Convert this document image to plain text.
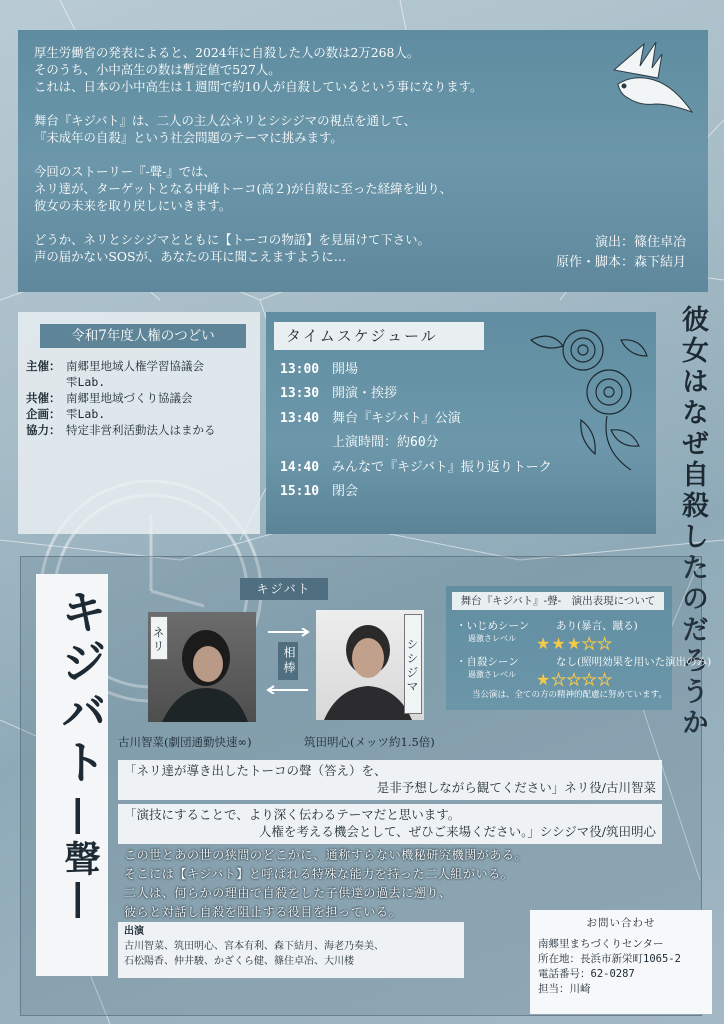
厚生労働省の発表によると、2024年に自殺した人の数は2万268人。

そのうち、小中高生の数は暫定値で527人。

これは、日本の小中高生は１週間で約10人が自殺しているという事になります。

舞台『キジバト』は、二人の主人公ネリとシシジマの視点を通して、

『未成年の自殺』という社会問題のテーマに挑みます。

今回のストーリー『-聲-』では、

ネリ達が、ターゲットとなる中峰トーコ(高２)が自殺に至った経緯を辿り、

彼女の未来を取り戻しにいきます。

どうか、ネリとシシジマとともに【トーコの物語】を見届けて下さい。

声の届かないSOSが、あなたの耳に聞こえますように…

演出：篠住卓冶
原作・脚本：森下結月
令和7年度人権のつどい
主催： 南郷里地域人権学習協議会
雫Lab.
共催： 南郷里地域づくり協議会
企画： 雫Lab.
協力： 特定非営利活動法人はまかる
タイムスケジュール
13:00 開場
13:30 開演・挨拶
13:40 舞台『キジバト』公演
上演時間：約60分
14:40 みんなで『キジバト』振り返りトーク
15:10 閉会	彼女はなぜ自殺したのだろうか
キジバト
―聲―
キジバト
ネリ	シシジマ
相棒
古川智菜(劇団通勤快速∞)	筑田明心(メッツ約1.5倍)
舞台『キジバト』-聲-　演出表現について
・いじめシーン	あり(暴言、蹴る)
過激さレベル	★★★★★
・自殺シーン	なし(照明効果を用いた演出のみ)
過激さレベル ★★★★★
当公演は、全ての方の精神的配慮に努めています。

「ネリ達が導き出したトーコの聲（答え）を、

是非予想しながら観てください」ネリ役/古川智菜

「演技にすることで、より深く伝わるテーマだと思います。

人権を考える機会として、ぜひご来場ください。」シシジマ役/筑田明心

この世とあの世の狭間のどこかに、通称すらない機秘研究機関がある。

そこには【キジバト】と呼ばれる特殊な能力を持った二人組がいる。

二人は、何らかの理由で自殺をした子供達の過去に遡り、

彼らと対話し自殺を阻止する役目を担っている。

出演
古川智菜、筑田明心、宮本有利、森下結月、海老乃奏美、
石松陽香、仲井駿、かざくら健、篠住卓冶、大川楼
お問い合わせ
南郷里まちづくりセンター
所在地：長浜市新栄町1065-2
電話番号：62-0287
担当：川崎
